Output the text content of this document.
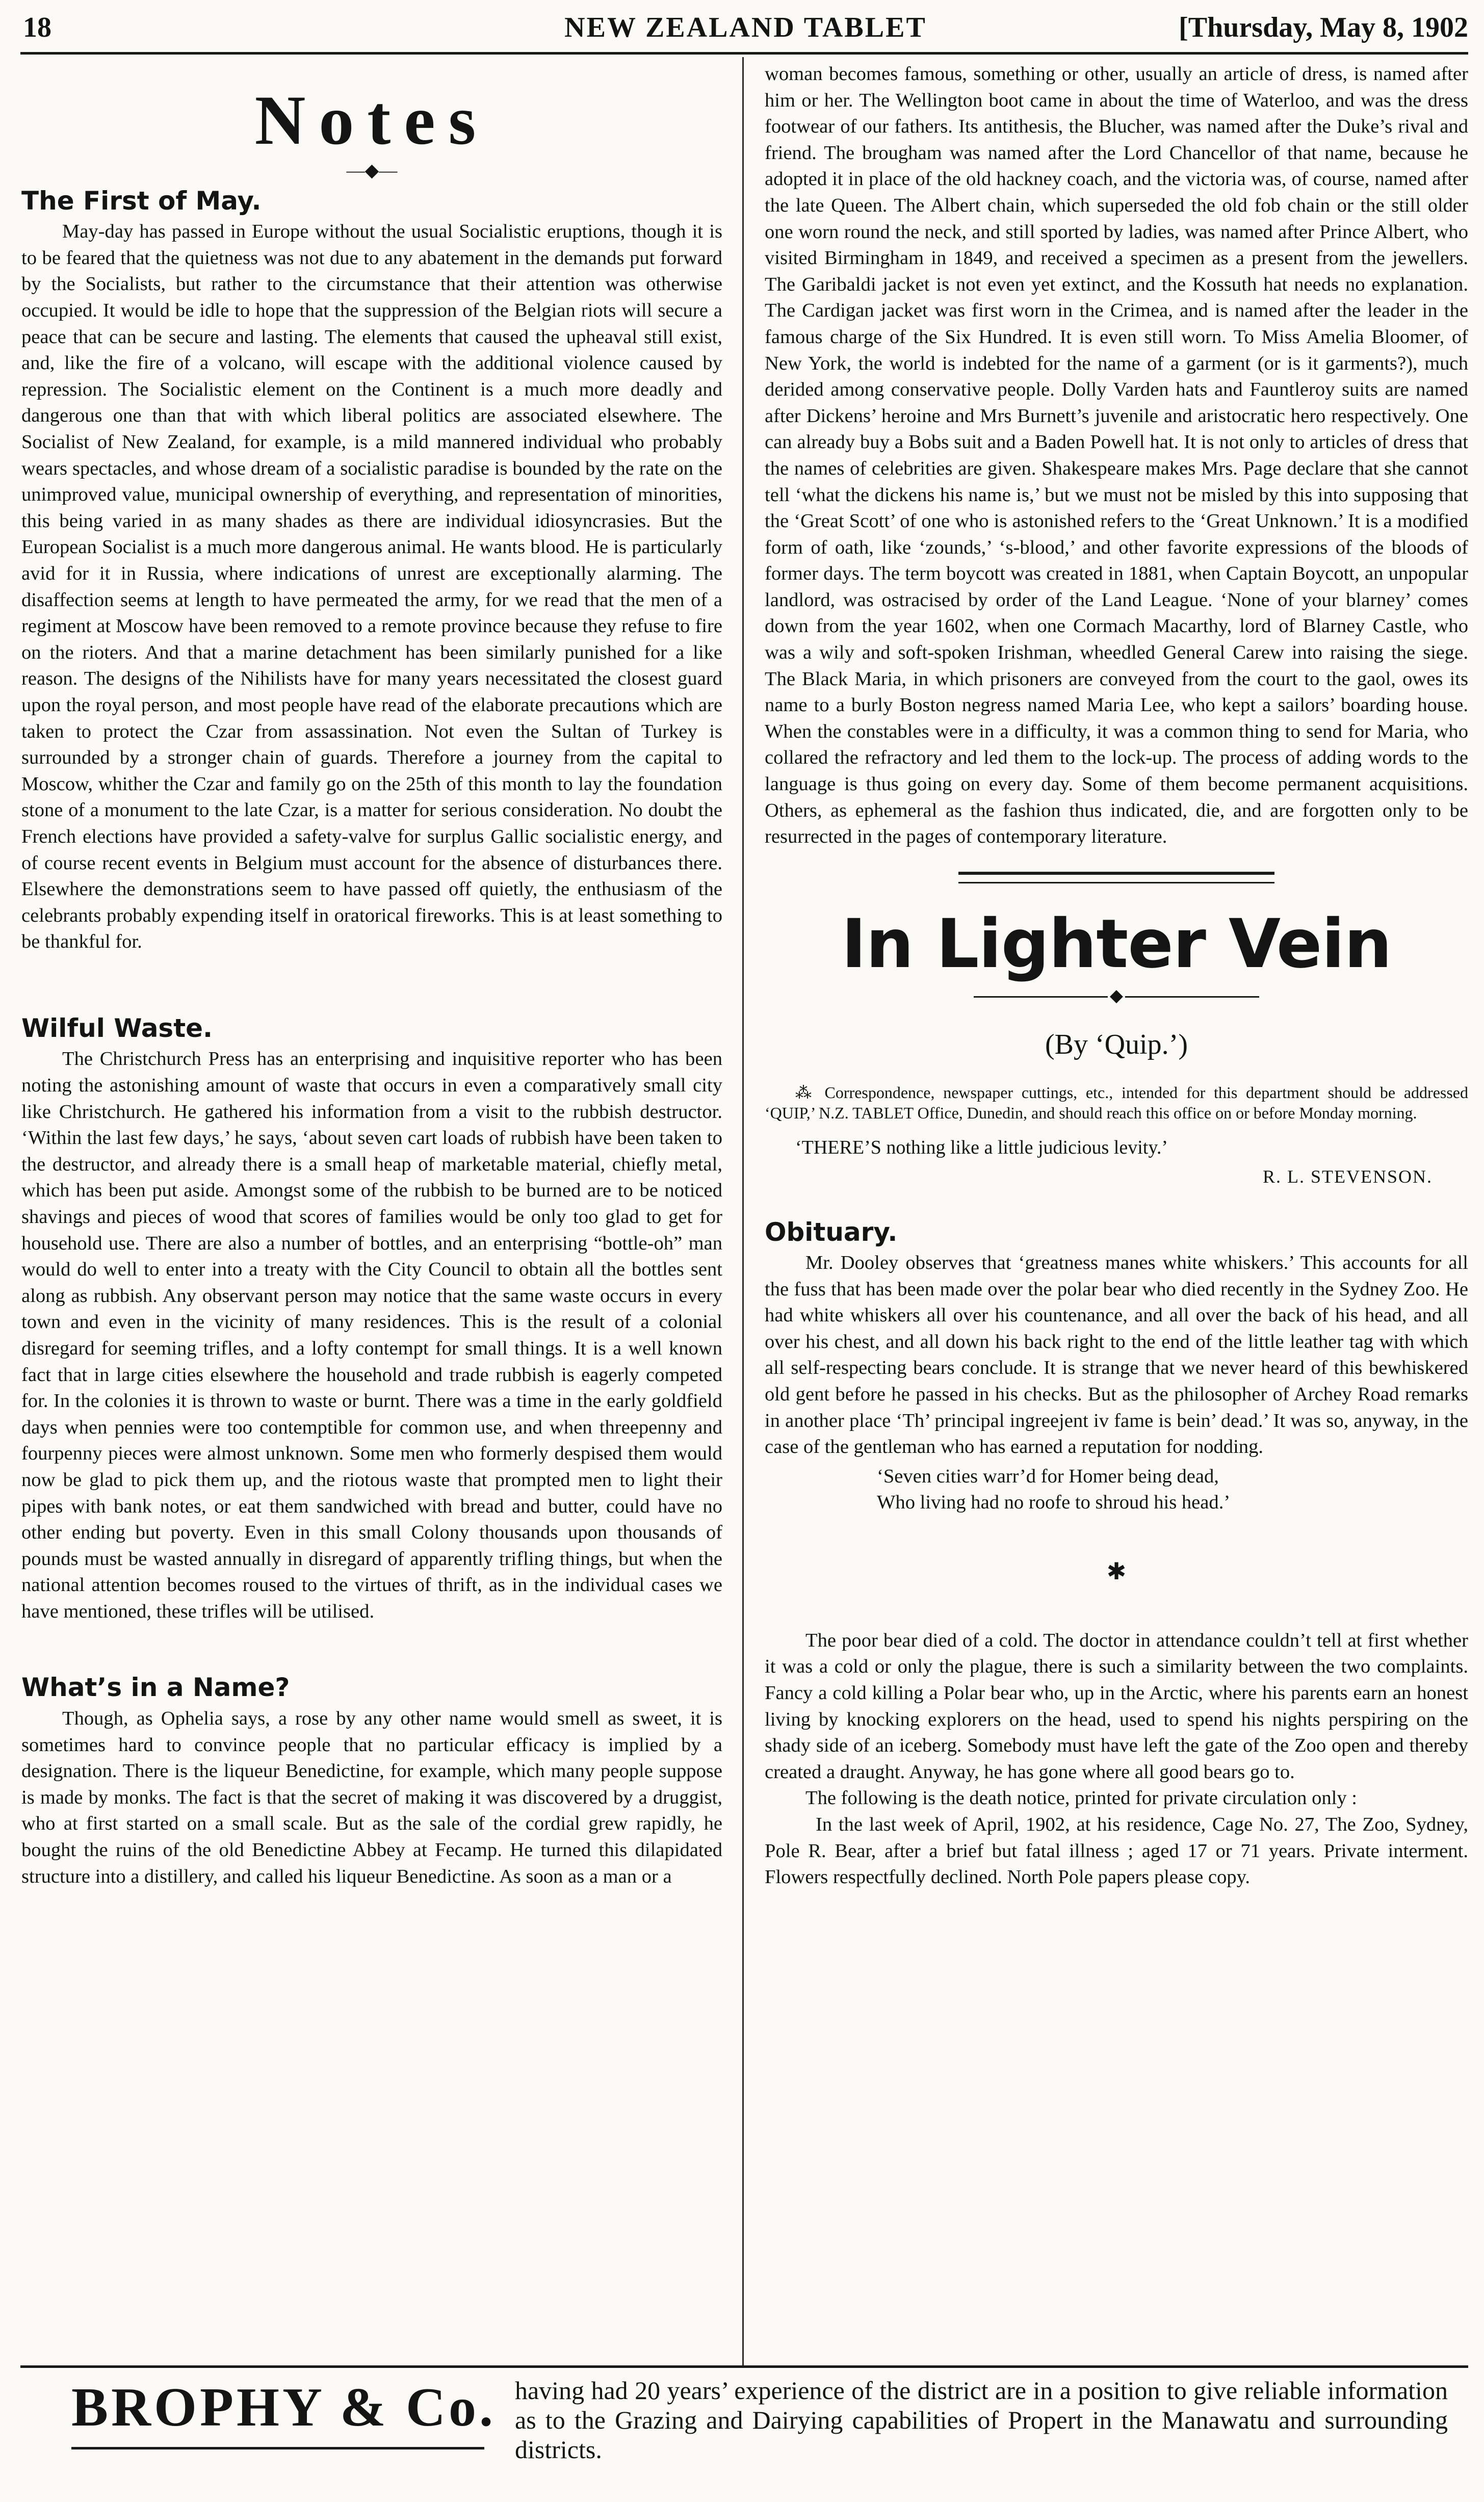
18	NEW ZEALAND TABLET	[Thursday, May 8, 1902
Notes
—◆—
The First of May.

May-day has passed in Europe without the usual Socialistic eruptions, though it is to be feared that the quietness was not due to any abatement in the demands put forward by the Socialists, but rather to the circumstance that their attention was otherwise occupied. It would be idle to hope that the suppression of the Belgian riots will secure a peace that can be secure and lasting. The elements that caused the upheaval still exist, and, like the fire of a volcano, will escape with the additional violence caused by repression. The Socialistic element on the Continent is a much more deadly and dangerous one than that with which liberal politics are associated elsewhere. The Socialist of New Zealand, for example, is a mild mannered individual who probably wears spectacles, and whose dream of a socialistic paradise is bounded by the rate on the unimproved value, municipal ownership of everything, and representation of minorities, this being varied in as many shades as there are individual idiosyncrasies. But the European Socialist is a much more dangerous animal. He wants blood. He is particularly avid for it in Russia, where indications of unrest are exceptionally alarming. The disaffection seems at length to have permeated the army, for we read that the men of a regiment at Moscow have been removed to a remote province because they refuse to fire on the rioters. And that a marine detachment has been similarly punished for a like reason. The designs of the Nihilists have for many years necessitated the closest guard upon the royal person, and most people have read of the elaborate precautions which are taken to protect the Czar from assassination. Not even the Sultan of Turkey is surrounded by a stronger chain of guards. Therefore a journey from the capital to Moscow, whither the Czar and family go on the 25th of this month to lay the foundation stone of a monument to the late Czar, is a matter for serious consideration. No doubt the French elections have provided a safety-valve for surplus Gallic socialistic energy, and of course recent events in Belgium must account for the absence of disturbances there. Elsewhere the demonstrations seem to have passed off quietly, the enthusiasm of the celebrants probably expending itself in oratorical fireworks. This is at least something to be thankful for.

Wilful Waste.

The Christchurch Press has an enterprising and inquisitive reporter who has been noting the astonishing amount of waste that occurs in even a comparatively small city like Christchurch. He gathered his information from a visit to the rubbish destructor. ‘Within the last few days,’ he says, ‘about seven cart loads of rubbish have been taken to the destructor, and already there is a small heap of marketable material, chiefly metal, which has been put aside. Amongst some of the rubbish to be burned are to be noticed shavings and pieces of wood that scores of families would be only too glad to get for household use. There are also a number of bottles, and an enterprising “bottle-oh” man would do well to enter into a treaty with the City Council to obtain all the bottles sent along as rubbish. Any observant person may notice that the same waste occurs in every town and even in the vicinity of many residences. This is the result of a colonial disregard for seeming trifles, and a lofty contempt for small things. It is a well known fact that in large cities elsewhere the household and trade rubbish is eagerly competed for. In the colonies it is thrown to waste or burnt. There was a time in the early goldfield days when pennies were too contemptible for common use, and when threepenny and fourpenny pieces were almost unknown. Some men who formerly despised them would now be glad to pick them up, and the riotous waste that prompted men to light their pipes with bank notes, or eat them sandwiched with bread and butter, could have no other ending but poverty. Even in this small Colony thousands upon thousands of pounds must be wasted annually in disregard of apparently trifling things, but when the national attention becomes roused to the virtues of thrift, as in the individual cases we have mentioned, these trifles will be utilised.

What’s in a Name?

Though, as Ophelia says, a rose by any other name would smell as sweet, it is sometimes hard to convince people that no particular efficacy is implied by a designation. There is the liqueur Benedictine, for example, which many people suppose is made by monks. The fact is that the secret of making it was discovered by a druggist, who at first started on a small scale. But as the sale of the cordial grew rapidly, he bought the ruins of the old Benedictine Abbey at Fecamp. He turned this dilapidated structure into a distillery, and called his liqueur Benedictine. As soon as a man or a

woman becomes famous, something or other, usually an article of dress, is named after him or her. The Wellington boot came in about the time of Waterloo, and was the dress footwear of our fathers. Its antithesis, the Blucher, was named after the Duke’s rival and friend. The brougham was named after the Lord Chancellor of that name, because he adopted it in place of the old hackney coach, and the victoria was, of course, named after the late Queen. The Albert chain, which superseded the old fob chain or the still older one worn round the neck, and still sported by ladies, was named after Prince Albert, who visited Birmingham in 1849, and received a specimen as a present from the jewellers. The Garibaldi jacket is not even yet extinct, and the Kossuth hat needs no explanation. The Cardigan jacket was first worn in the Crimea, and is named after the leader in the famous charge of the Six Hundred. It is even still worn. To Miss Amelia Bloomer, of New York, the world is indebted for the name of a garment (or is it garments?), much derided among conservative people. Dolly Varden hats and Fauntleroy suits are named after Dickens’ heroine and Mrs Burnett’s juvenile and aristocratic hero respectively. One can already buy a Bobs suit and a Baden Powell hat. It is not only to articles of dress that the names of celebrities are given. Shakespeare makes Mrs. Page declare that she cannot tell ‘what the dickens his name is,’ but we must not be misled by this into supposing that the ‘Great Scott’ of one who is astonished refers to the ‘Great Unknown.’ It is a modified form of oath, like ‘zounds,’ ‘s-blood,’ and other favorite expressions of the bloods of former days. The term boycott was created in 1881, when Captain Boycott, an unpopular landlord, was ostracised by order of the Land League. ‘None of your blarney’ comes down from the year 1602, when one Cormach Macarthy, lord of Blarney Castle, who was a wily and soft-spoken Irishman, wheedled General Carew into raising the siege. The Black Maria, in which prisoners are conveyed from the court to the gaol, owes its name to a burly Boston negress named Maria Lee, who kept a sailors’ boarding house. When the constables were in a difficulty, it was a common thing to send for Maria, who collared the refractory and led them to the lock-up. The process of adding words to the language is thus going on every day. Some of them become permanent acquisitions. Others, as ephemeral as the fashion thus indicated, die, and are forgotten only to be resurrected in the pages of contemporary literature.

In Lighter Vein
◆
(By ‘Quip.’)

⁂ Correspondence, newspaper cuttings, etc., intended for this department should be addressed ‘QUIP,’ N.Z. TABLET Office, Dunedin, and should reach this office on or before Monday morning.

‘THERE’S nothing like a little judicious levity.’
R. L. STEVENSON.
Obituary.

Mr. Dooley observes that ‘greatness manes white whiskers.’ This accounts for all the fuss that has been made over the polar bear who died recently in the Sydney Zoo. He had white whiskers all over his countenance, and all over the back of his head, and all over his chest, and all down his back right to the end of the little leather tag with which all self-respecting bears conclude. It is strange that we never heard of this bewhiskered old gent before he passed in his checks. But as the philosopher of Archey Road remarks in another place ‘Th’ principal ingreejent iv fame is bein’ dead.’ It was so, anyway, in the case of the gentleman who has earned a reputation for nodding.

‘Seven cities warr’d for Homer being dead,
Who living had no roofe to shroud his head.’
✱

The poor bear died of a cold. The doctor in attendance couldn’t tell at first whether it was a cold or only the plague, there is such a similarity between the two complaints. Fancy a cold killing a Polar bear who, up in the Arctic, where his parents earn an honest living by knocking explorers on the head, used to spend his nights perspiring on the shady side of an iceberg. Somebody must have left the gate of the Zoo open and thereby created a draught. Anyway, he has gone where all good bears go to.

The following is the death notice, printed for private circulation only :

In the last week of April, 1902, at his residence, Cage No. 27, The Zoo, Sydney, Pole R. Bear, after a brief but fatal illness ; aged 17 or 71 years. Private interment. Flowers respectfully declined. North Pole papers please copy.

BROPHY & Co. having had 20 years’ experience of the district are in a position to give reliable information as to the Grazing and Dairying capabilities of Propert in the Manawatu and surrounding districts.
